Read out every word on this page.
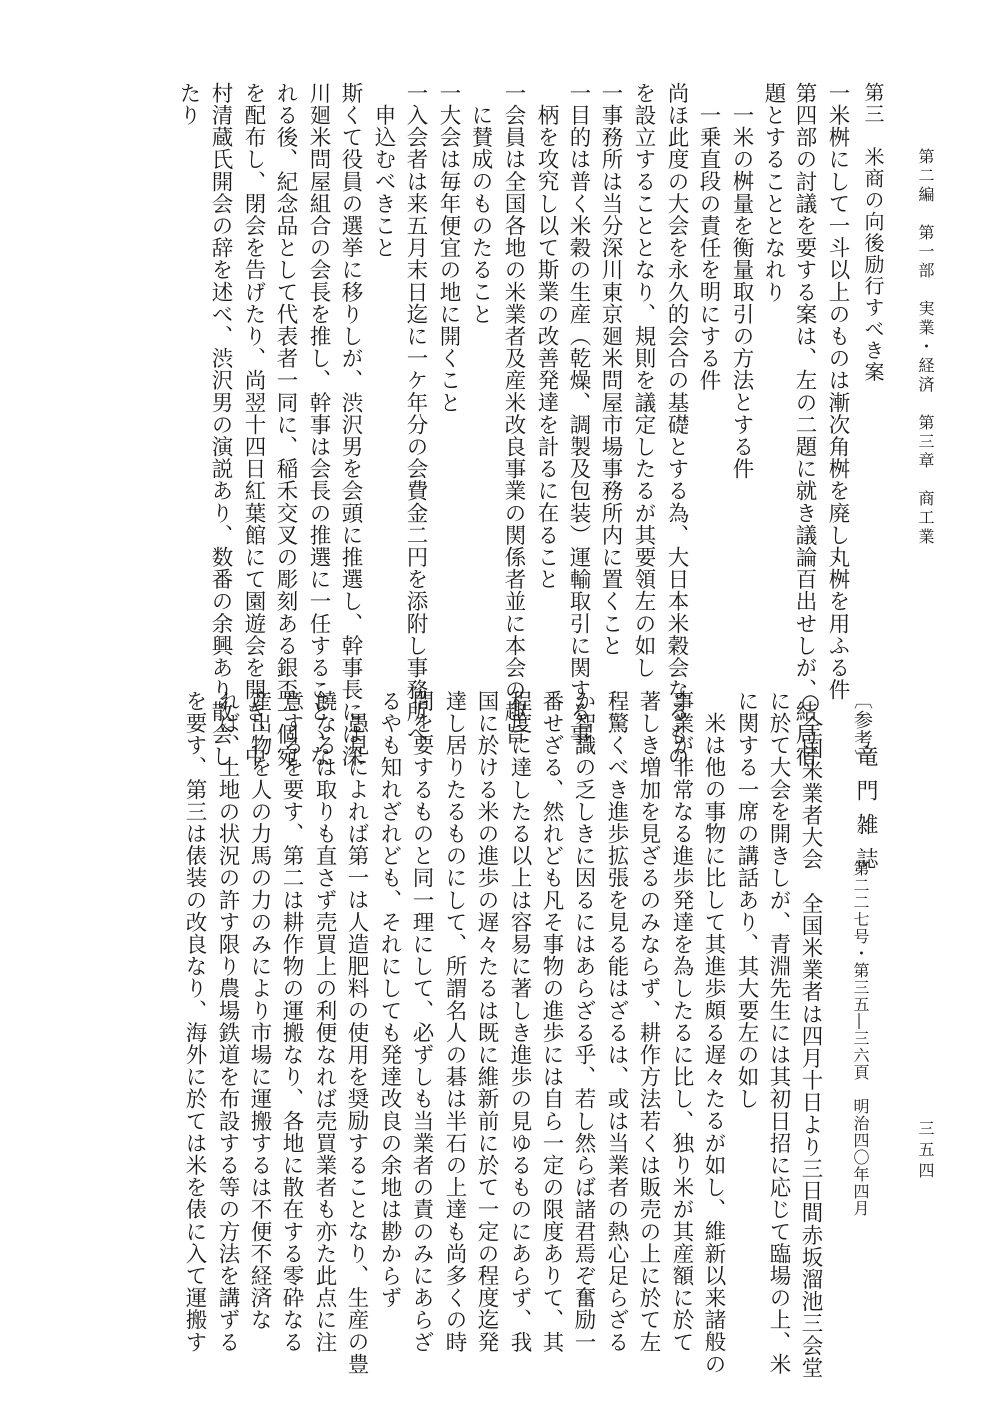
第二編　第一部　実業・経済　第三章　商工業
三五四
第三　米商の向後励行すべき案
一米桝にして一斗以上のものは漸次角桝を廃し丸桝を用ふる件
第四部の討議を要する案は、左の二題に就き議論百出せしが、結局宿
題とすることとなれり
一米の桝量を衡量取引の方法とする件
一乗直段の責任を明にする件
尚ほ此度の大会を永久的会合の基礎とする為、大日本米穀会なるもの
を設立することとなり、規則を議定したるが其要領左の如し
一事務所は当分深川東京廻米問屋市場事務所内に置くこと
一目的は普く米穀の生産（乾燥、調製及包装）運輸取引に関する事
柄を攻究し以て斯業の改善発達を計るに在ること
一会員は全国各地の米業者及産米改良事業の関係者並に本会の趣旨
に賛成のものたること
一大会は毎年便宜の地に開くこと
一入会者は来五月末日迄に一ケ年分の会費金二円を添附し事務所へ
申込むべきこと
斯くて役員の選挙に移りしが、渋沢男を会頭に推選し、幹事長には深
川廻米問屋組合の会長を推し、幹事は会長の推選に一任することゝな
れる後、紀念品として代表者一同に、稲禾交叉の彫刻ある銀盃一個宛
を配布し、閉会を告げたり、尚翌十四日紅葉館にて園遊会を開き、中
村清蔵氏開会の辞を述べ、渋沢男の演説あり、数番の余興あり散会し
たり
〔参考〕
竜門雑誌
第二二七号・第三五―三六頁　明治四〇年四月
○全国米業者大会　全国米業者は四月十日より三日間赤坂溜池三会堂
に於て大会を開きしが、青淵先生には其初日招に応じて臨場の上、米
に関する一席の講話あり、其大要左の如し
米は他の事物に比して其進歩頗る遅々たるが如し、維新以来諸般の
事業が非常なる進歩発達を為したるに比し、独り米が其産額に於て
著しき増加を見ざるのみならず、耕作方法若くは販売の上に於て左
程驚くべき進歩拡張を見る能はざるは、或は当業者の熱心足らざる
か智識の乏しきに因るにはあらざる乎、若し然らば諸君焉ぞ奮励一
番せざる、然れども凡そ事物の進歩には自ら一定の限度ありて、其
程度に達したる以上は容易に著しき進歩の見ゆるものにあらず、我
国に於ける米の進歩の遅々たるは既に維新前に於て一定の程度迄発
達し居りたるものにして、所謂名人の碁は半石の上達も尚多くの時
間を要するものと同一理にして、必ずしも当業者の責のみにあらざ
るやも知れざれども、それにしても発達改良の余地は尠からず
愚見によれば第一は人造肥料の使用を奨励することなり、生産の豊
饒なるは取りも直さず売買上の利便なれば売買業者も亦た此点に注
意するを要す、第二は耕作物の運搬なり、各地に散在する零砕なる
産出物を人の力馬の力のみにより市場に運搬するは不便不経済な
れば、土地の状況の許す限り農場鉄道を布設する等の方法を講ずる
を要す、第三は俵装の改良なり、海外に於ては米を俵に入て運搬す
